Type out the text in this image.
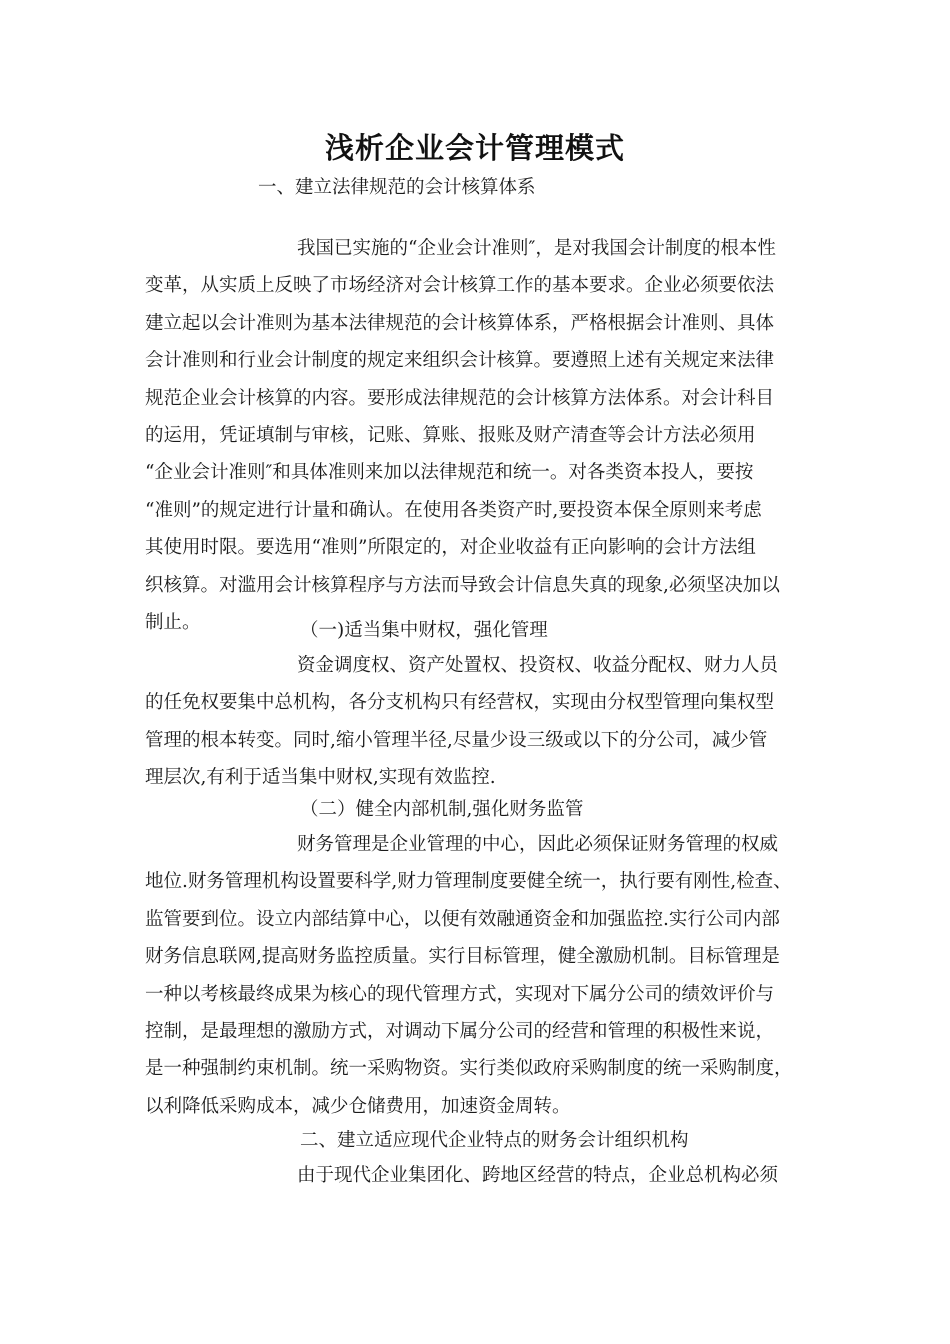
浅析企业会计管理模式
一、建立法律规范的会计核算体系
我国已实施的“企业会计准则″，是对我国会计制度的根本性
变革，从实质上反映了市场经济对会计核算工作的基本要求。企业必须要依法
建立起以会计准则为基本法律规范的会计核算体系，严格根据会计准则、具体
会计准则和行业会计制度的规定来组织会计核算。要遵照上述有关规定来法律
规范企业会计核算的内容。要形成法律规范的会计核算方法体系。对会计科目
的运用，凭证填制与审核，记账、算账、报账及财产清查等会计方法必须用
“企业会计准则″和具体准则来加以法律规范和统一。对各类资本投人，要按
“准则”的规定进行计量和确认。在使用各类资产时,要投资本保全原则来考虑
其使用时限。要选用“准则”所限定的，对企业收益有正向影响的会计方法组
织核算。对滥用会计核算程序与方法而导致会计信息失真的现象,必须坚决加以
制止。	（一)适当集中财权，强化管理
资金调度权、资产处置权、投资权、收益分配权、财力人员
的任免权要集中总机构，各分支机构只有经营权，实现由分权型管理向集权型
管理的根本转变。同时,缩小管理半径,尽量少设三级或以下的分公司，减少管
理层次,有利于适当集中财权,实现有效监控.
（二）健全内部机制,强化财务监管
财务管理是企业管理的中心，因此必须保证财务管理的权威
地位.财务管理机构设置要科学,财力管理制度要健全统一，执行要有刚性,检查、
监管要到位。设立内部结算中心，以便有效融通资金和加强监控.实行公司内部
财务信息联网,提高财务监控质量。实行目标管理，健全激励机制。目标管理是
一种以考核最终成果为核心的现代管理方式，实现对下属分公司的绩效评价与
控制，是最理想的激励方式，对调动下属分公司的经营和管理的积极性来说，
是一种强制约束机制。统一采购物资。实行类似政府采购制度的统一采购制度，
以利降低采购成本，减少仓储费用，加速资金周转。
二、建立适应现代企业特点的财务会计组织机构
由于现代企业集团化、跨地区经营的特点，企业总机构必须
